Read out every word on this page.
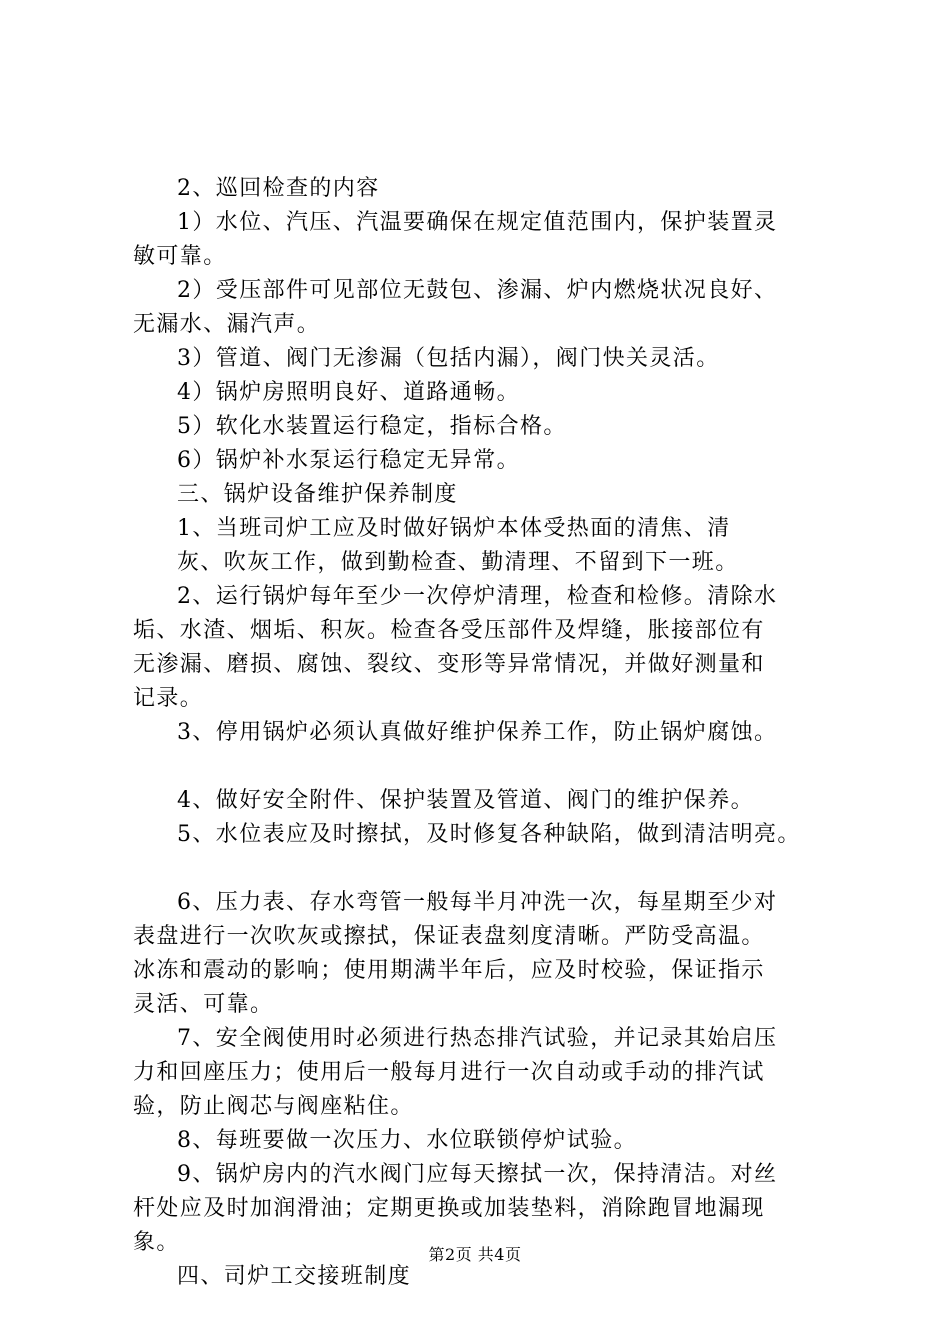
2、巡回检查的内容
1）水位、汽压、汽温要确保在规定值范围内，保护装置灵
敏可靠。
2）受压部件可见部位无鼓包、渗漏、炉内燃烧状况良好、
无漏水、漏汽声。
3）管道、阀门无渗漏（包括内漏），阀门快关灵活。
4）锅炉房照明良好、道路通畅。
5）软化水装置运行稳定，指标合格。
6）锅炉补水泵运行稳定无异常。
三、锅炉设备维护保养制度
1、当班司炉工应及时做好锅炉本体受热面的清焦、清
灰、吹灰工作，做到勤检查、勤清理、不留到下一班。
2、运行锅炉每年至少一次停炉清理，检查和检修。清除水
垢、水渣、烟垢、积灰。检查各受压部件及焊缝，胀接部位有
无渗漏、磨损、腐蚀、裂纹、变形等异常情况，并做好测量和
记录。
3、停用锅炉必须认真做好维护保养工作，防止锅炉腐蚀。
4、做好安全附件、保护装置及管道、阀门的维护保养。
5、水位表应及时擦拭，及时修复各种缺陷，做到清洁明亮。
6、压力表、存水弯管一般每半月冲洗一次，每星期至少对
表盘进行一次吹灰或擦拭，保证表盘刻度清晰。严防受高温。
冰冻和震动的影响；使用期满半年后，应及时校验，保证指示
灵活、可靠。
7、安全阀使用时必须进行热态排汽试验，并记录其始启压
力和回座压力；使用后一般每月进行一次自动或手动的排汽试
验，防止阀芯与阀座粘住。
8、每班要做一次压力、水位联锁停炉试验。
9、锅炉房内的汽水阀门应每天擦拭一次，保持清洁。对丝
杆处应及时加润滑油；定期更换或加装垫料，消除跑冒地漏现
象。
四、司炉工交接班制度
第2页 共4页
